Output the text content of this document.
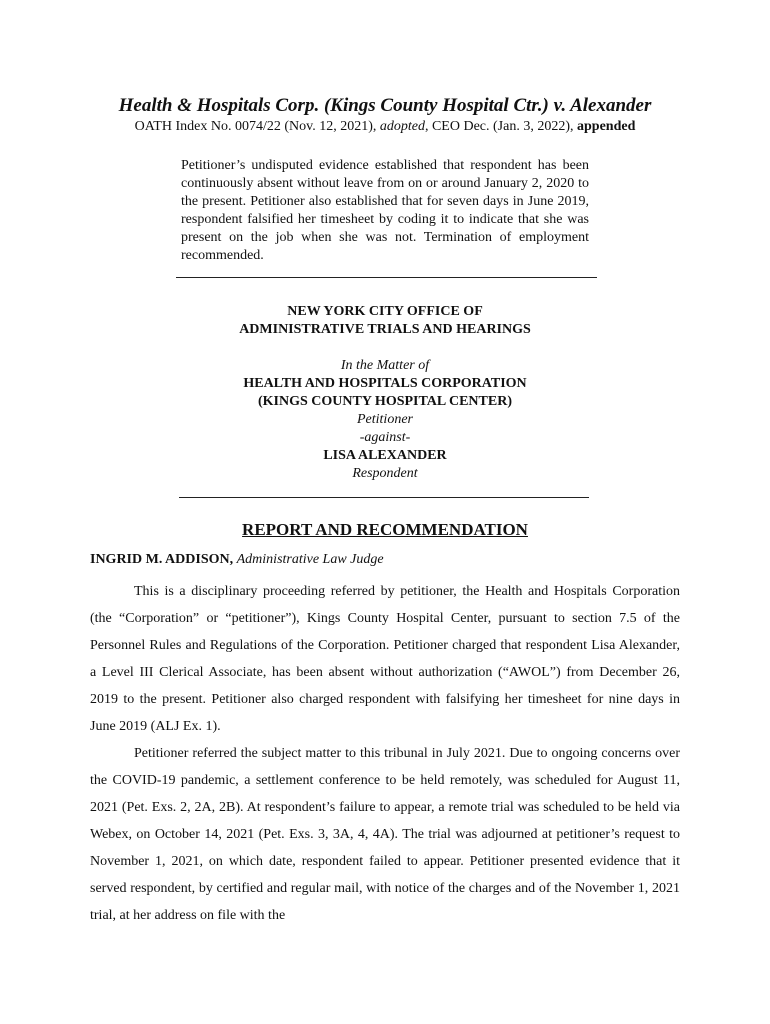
Health & Hospitals Corp. (Kings County Hospital Ctr.) v. Alexander
OATH Index No. 0074/22 (Nov. 12, 2021), adopted, CEO Dec. (Jan. 3, 2022), appended
Petitioner’s undisputed evidence established that respondent has been continuously absent without leave from on or around January 2, 2020 to the present. Petitioner also established that for seven days in June 2019, respondent falsified her timesheet by coding it to indicate that she was present on the job when she was not. Termination of employment recommended.
NEW YORK CITY OFFICE OF
ADMINISTRATIVE TRIALS AND HEARINGS
In the Matter of
HEALTH AND HOSPITALS CORPORATION
(KINGS COUNTY HOSPITAL CENTER)
Petitioner
-against-
LISA ALEXANDER
Respondent
REPORT AND RECOMMENDATION
INGRID M. ADDISON, Administrative Law Judge

This is a disciplinary proceeding referred by petitioner, the Health and Hospitals Corporation (the “Corporation” or “petitioner”), Kings County Hospital Center, pursuant to section 7.5 of the Personnel Rules and Regulations of the Corporation. Petitioner charged that respondent Lisa Alexander, a Level III Clerical Associate, has been absent without authorization (“AWOL”) from December 26, 2019 to the present. Petitioner also charged respondent with falsifying her timesheet for nine days in June 2019 (ALJ Ex. 1).

Petitioner referred the subject matter to this tribunal in July 2021. Due to ongoing concerns over the COVID-19 pandemic, a settlement conference to be held remotely, was scheduled for August 11, 2021 (Pet. Exs. 2, 2A, 2B). At respondent’s failure to appear, a remote trial was scheduled to be held via Webex, on October 14, 2021 (Pet. Exs. 3, 3A, 4, 4A). The trial was adjourned at petitioner’s request to November 1, 2021, on which date, respondent failed to appear. Petitioner presented evidence that it served respondent, by certified and regular mail, with notice of the charges and of the November 1, 2021 trial, at her address on file with the
